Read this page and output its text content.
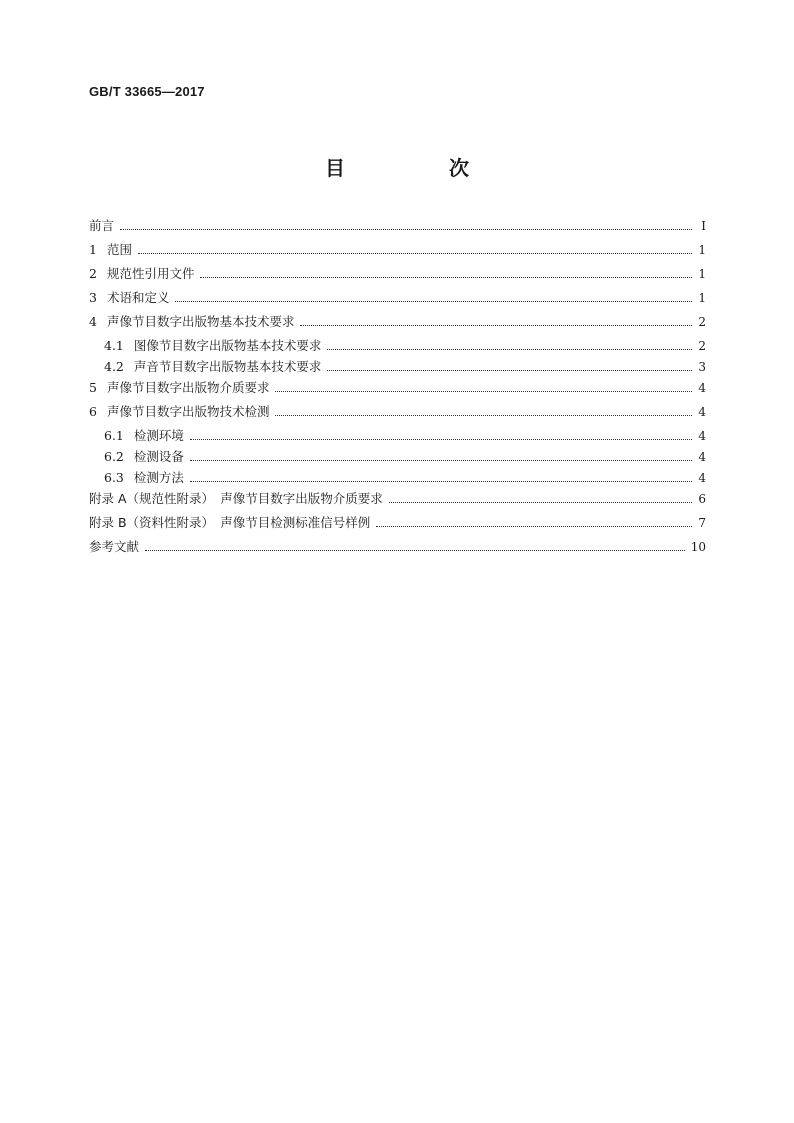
GB/T 33665—2017

目　次
前言	Ⅰ
1 范围	1
2 规范性引用文件	1
3 术语和定义	1
4 声像节目数字出版物基本技术要求	2
4.1 图像节目数字出版物基本技术要求	2
4.2 声音节目数字出版物基本技术要求	3
5 声像节目数字出版物介质要求	4
6 声像节目数字出版物技术检测	4
6.1 检测环境	4
6.2 检测设备	4
6.3 检测方法	4
附录 A（规范性附录）　声像节目数字出版物介质要求	6
附录 B（资料性附录）　声像节目检测标准信号样例	7
参考文献	10
